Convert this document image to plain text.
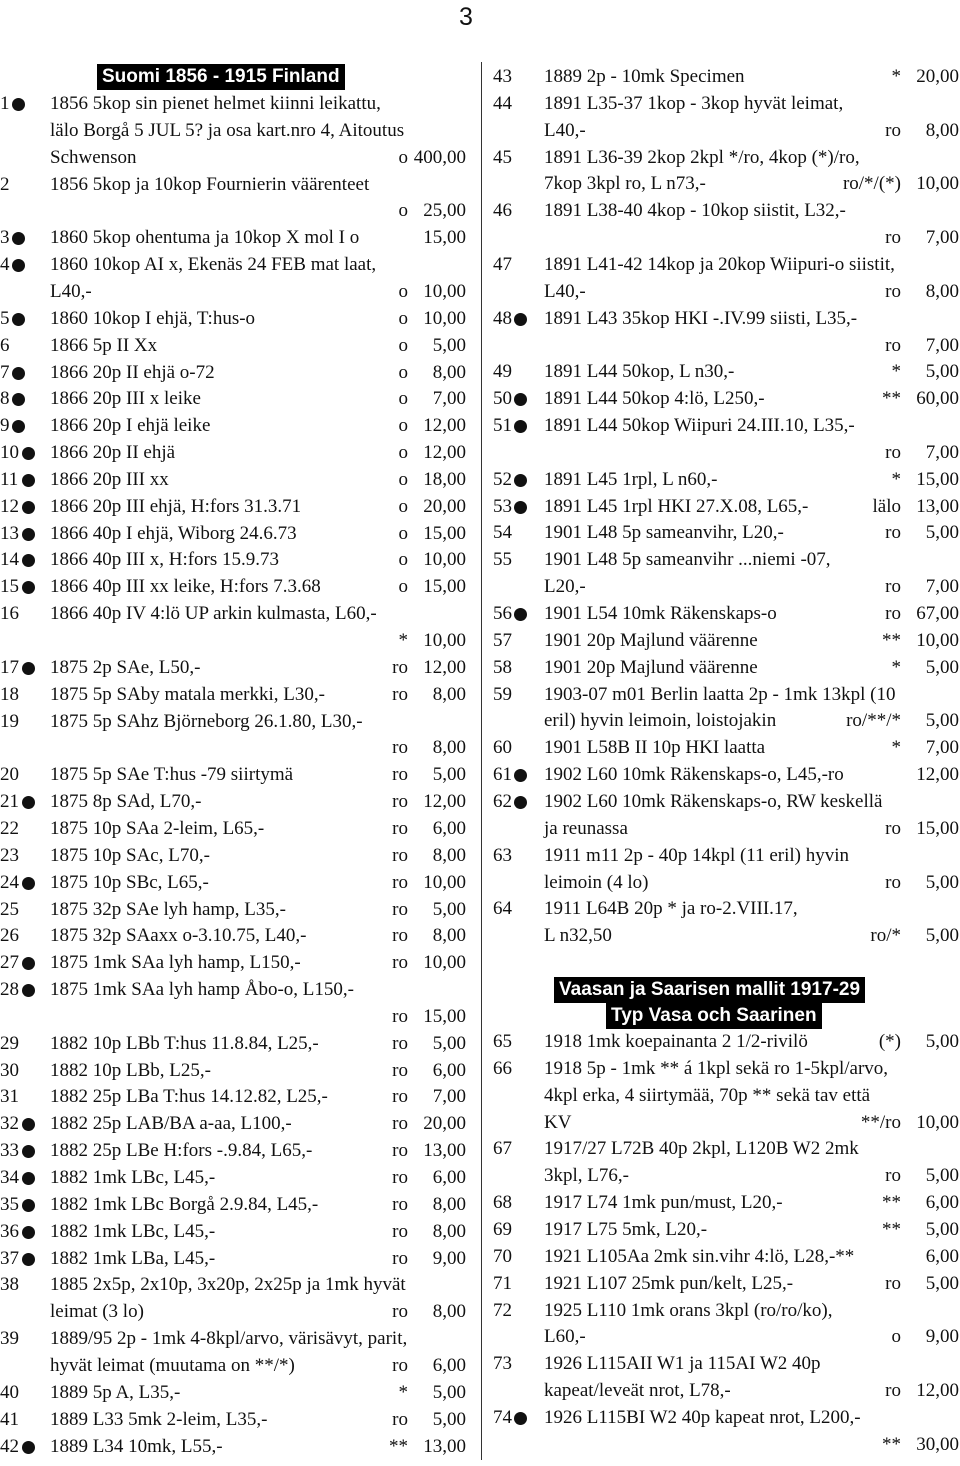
3
Suomi 1856 - 1915 Finland
1 1856 5kop sin pienet helmet kiinni leikattu,
lälo Borgå 5 JUL 5? ja osa kart.nro 4, Aitoutus
Schwenson	o 400,00
2 1856 5kop ja 10kop Fournierin väärenteet
o 25,00
3 1860 5kop ohentuma ja 10kop X mol I o	15,00
4 1860 10kop AI x, Ekenäs 24 FEB mat laat,
L40,-	o 10,00
5 1860 10kop I ehjä, T:hus-o	o 10,00
6 1866 5p II Xx	o 5,00
7 1866 20p II ehjä o-72	o 8,00
8 1866 20p III x leike	o 7,00
9 1866 20p I ehjä leike	o 12,00
10 1866 20p II ehjä	o 12,00
11 1866 20p III xx	o 18,00
12 1866 20p III ehjä, H:fors 31.3.71	o 20,00
13 1866 40p I ehjä, Wiborg 24.6.73	o 15,00
14 1866 40p III x, H:fors 15.9.73	o 10,00
15 1866 40p III xx leike, H:fors 7.3.68	o 15,00
16 1866 40p IV 4:lö UP arkin kulmasta, L60,-
* 10,00
17 1875 2p SAe, L50,-	ro 12,00
18 1875 5p SAby matala merkki, L30,-	ro 8,00
19 1875 5p SAhz Björneborg 26.1.80, L30,-
ro 8,00
20 1875 5p SAe T:hus -79 siirtymä	ro 5,00
21 1875 8p SAd, L70,-	ro 12,00
22 1875 10p SAa 2-leim, L65,-	ro 6,00
23 1875 10p SAc, L70,-	ro 8,00
24 1875 10p SBc, L65,-	ro 10,00
25 1875 32p SAe lyh hamp, L35,-	ro 5,00
26 1875 32p SAaxx o-3.10.75, L40,-	ro 8,00
27 1875 1mk SAa lyh hamp, L150,-	ro 10,00
28 1875 1mk SAa lyh hamp Åbo-o, L150,-
ro 15,00
29 1882 10p LBb T:hus 11.8.84, L25,-	ro 5,00
30 1882 10p LBb, L25,-	ro 6,00
31 1882 25p LBa T:hus 14.12.82, L25,-	ro 7,00
32 1882 25p LAB/BA a-aa, L100,-	ro 20,00
33 1882 25p LBe H:fors -.9.84, L65,-	ro 13,00
34 1882 1mk LBc, L45,-	ro 6,00
35 1882 1mk LBc Borgå 2.9.84, L45,-	ro 8,00
36 1882 1mk LBc, L45,-	ro 8,00
37 1882 1mk LBa, L45,-	ro 9,00
38 1885 2x5p, 2x10p, 3x20p, 2x25p ja 1mk hyvät
leimat (3 lo)	ro 8,00
39 1889/95 2p - 1mk 4-8kpl/arvo, värisävyt, parit,
hyvät leimat (muutama on **/*)	ro 6,00
40 1889 5p A, L35,-	* 5,00
41 1889 L33 5mk 2-leim, L35,-	ro 5,00
42 1889 L34 10mk, L55,-	** 13,00
Vaasan ja Saarisen mallit 1917-29
Typ Vasa och Saarinen
43 1889 2p - 10mk Specimen	* 20,00
44 1891 L35-37 1kop - 3kop hyvät leimat,
L40,-	ro 8,00
45 1891 L36-39 2kop 2kpl */ro, 4kop (*)/ro,
7kop 3kpl ro, L n73,-	ro/*/(*) 10,00
46 1891 L38-40 4kop - 10kop siistit, L32,-
ro 7,00
47 1891 L41-42 14kop ja 20kop Wiipuri-o siistit,
L40,-	ro 8,00
48 1891 L43 35kop HKI -.IV.99 siisti, L35,-
ro 7,00
49 1891 L44 50kop, L n30,-	* 5,00
50 1891 L44 50kop 4:lö, L250,-	** 60,00
51 1891 L44 50kop Wiipuri 24.III.10, L35,-
ro 7,00
52 1891 L45 1rpl, L n60,-	* 15,00
53 1891 L45 1rpl HKI 27.X.08, L65,-	lälo 13,00
54 1901 L48 5p sameanvihr, L20,-	ro 5,00
55 1901 L48 5p sameanvihr ...niemi -07,
L20,-	ro 7,00
56 1901 L54 10mk Räkenskaps-o	ro 67,00
57 1901 20p Majlund väärenne	** 10,00
58 1901 20p Majlund väärenne	* 5,00
59 1903-07 m01 Berlin laatta 2p - 1mk 13kpl (10
eril) hyvin leimoin, loistojakin	ro/**/* 5,00
60 1901 L58B II 10p HKI laatta	* 7,00
61 1902 L60 10mk Räkenskaps-o, L45,-ro	12,00
62 1902 L60 10mk Räkenskaps-o, RW keskellä
ja reunassa	ro 15,00
63 1911 m11 2p - 40p 14kpl (11 eril) hyvin
leimoin (4 lo)	ro 5,00
64 1911 L64B 20p * ja ro-2.VIII.17,
L n32,50	ro/* 5,00
65 1918 1mk koepainanta 2 1/2-rivilö	(*) 5,00
66 1918 5p - 1mk ** á 1kpl sekä ro 1-5kpl/arvo,
4kpl erka, 4 siirtymää, 70p ** sekä tav että
KV	**/ro 10,00
67 1917/27 L72B 40p 2kpl, L120B W2 2mk
3kpl, L76,-	ro 5,00
68 1917 L74 1mk pun/must, L20,-	** 6,00
69 1917 L75 5mk, L20,-	** 5,00
70 1921 L105Aa 2mk sin.vihr 4:lö, L28,-**	6,00
71 1921 L107 25mk pun/kelt, L25,-	ro 5,00
72 1925 L110 1mk orans 3kpl (ro/ro/ko),
L60,-	o 9,00
73 1926 L115AII W1 ja 115AI W2 40p
kapeat/leveät nrot, L78,-	ro 12,00
74 1926 L115BI W2 40p kapeat nrot, L200,-
** 30,00
